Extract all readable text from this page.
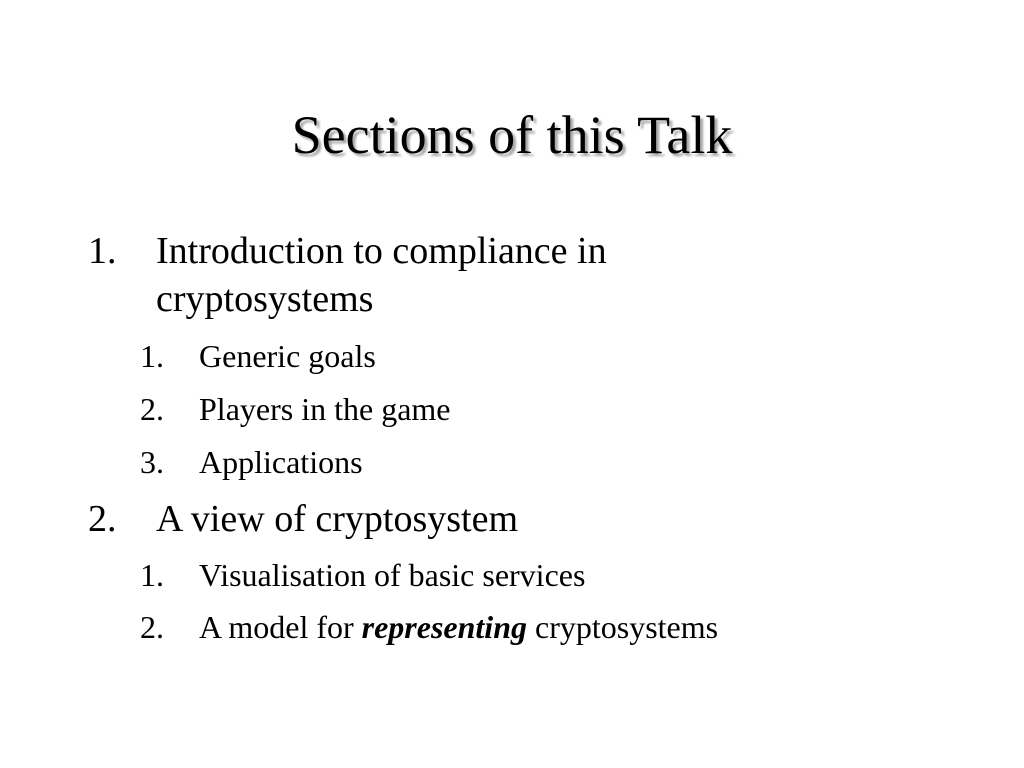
Sections of this Talk
1. Introduction to compliance in
cryptosystems
1. Generic goals
2. Players in the game
3. Applications
2. A view of cryptosystem
1. Visualisation of basic services
2. A model for representing cryptosystems
